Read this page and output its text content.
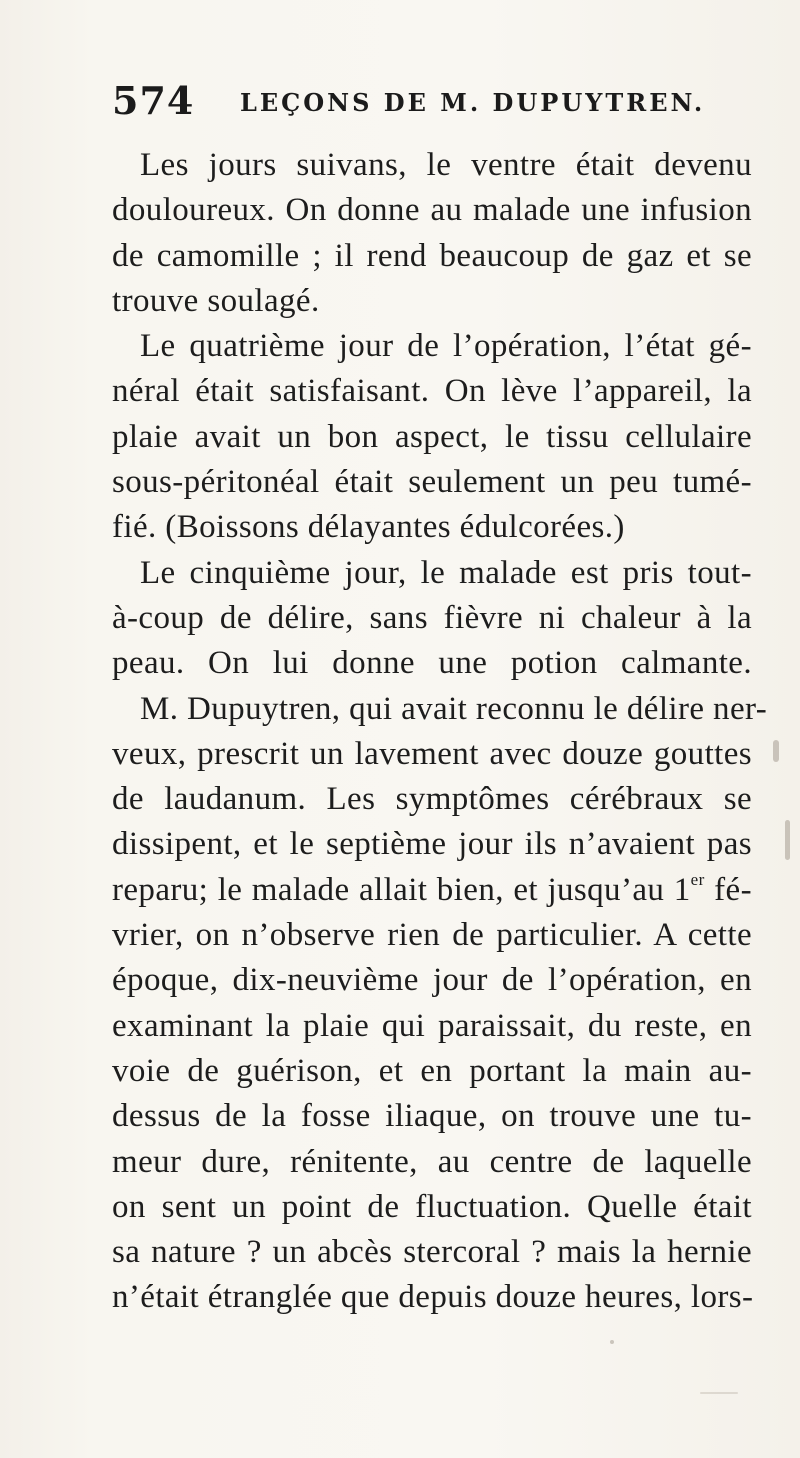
574 LEÇONS DE M. DUPUYTREN.
Les jours suivans, le ventre était devenu
douloureux. On donne au malade une infusion
de camomille ; il rend beaucoup de gaz et se
trouve soulagé.
Le quatrième jour de l’opération, l’état gé-
néral était satisfaisant. On lève l’appareil, la
plaie avait un bon aspect, le tissu cellulaire
sous-péritonéal était seulement un peu tumé-
fié. (Boissons délayantes édulcorées.)
Le cinquième jour, le malade est pris tout-
à-coup de délire, sans fièvre ni chaleur à la
peau. On lui donne une potion calmante.
M. Dupuytren, qui avait reconnu le délire ner-
veux, prescrit un lavement avec douze gouttes
de laudanum. Les symptômes cérébraux se
dissipent, et le septième jour ils n’avaient pas
reparu; le malade allait bien, et jusqu’au 1er fé-
vrier, on n’observe rien de particulier. A cette
époque, dix-neuvième jour de l’opération, en
examinant la plaie qui paraissait, du reste, en
voie de guérison, et en portant la main au-
dessus de la fosse iliaque, on trouve une tu-
meur dure, rénitente, au centre de laquelle
on sent un point de fluctuation. Quelle était
sa nature ? un abcès stercoral ? mais la hernie
n’était étranglée que depuis douze heures, lors-
